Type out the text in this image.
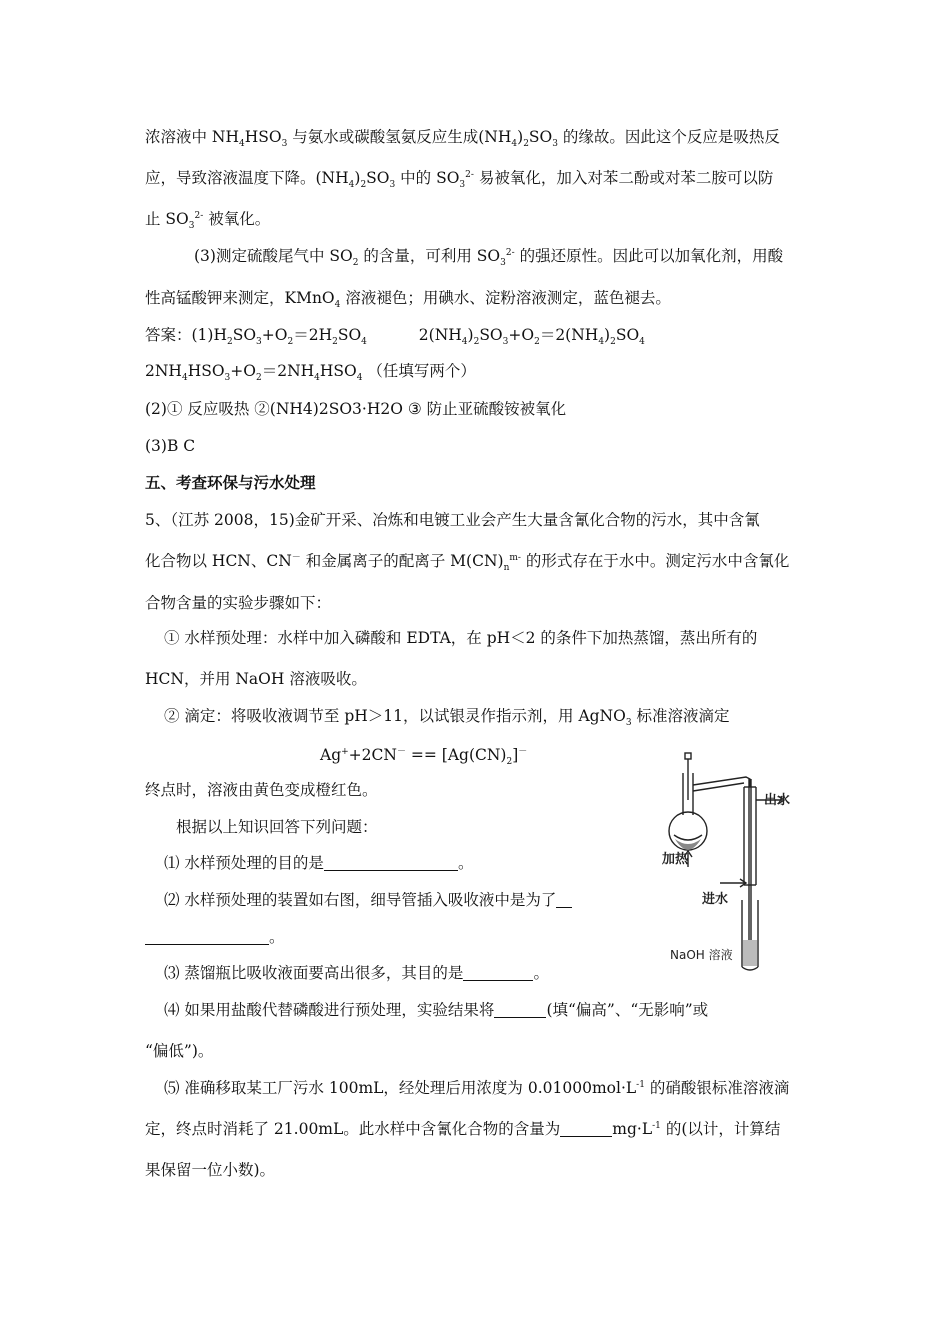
浓溶液中 $NH_4HSO_3$ 与氨水或碳酸氢氨反应生成$(NH_4)_2SO_3$ 的缘故。因此这个反应是吸热反
应，导致溶液温度下降。$(NH_4)_2SO_3$ 中的 $SO_3^{2-}$ 易被氧化，加入对苯二酚或对苯二胺可以防
止 $SO_3^{2-}$ 被氧化。
(3)测定硫酸尾气中 $SO_2$ 的含量，可利用 $SO_3^{2-}$ 的强还原性。因此可以加氧化剂，用酸
性高锰酸钾来测定，KMnO$_4$ 溶液褪色；用碘水、淀粉溶液测定，蓝色褪去。
答案：$(1)H_2SO_3+O_2=2H_2SO_4$	$2(NH_4)_2SO_3+O_2=2(NH_4)_2SO_4$
$2NH_4HSO_3+O_2=2NH_4HSO_4$ （任填写两个）
(2)① 反应吸热 ②(NH4)2SO3·H2O ③ 防止亚硫酸铵被氧化
(3)B C
五、考查环保与污水处理
5、（江苏 2008，15)金矿开采、冶炼和电镀工业会产生大量含氰化合物的污水，其中含氰
化合物以 HCN、CN－ 和金属离子的配离子 $M(CN)_n^{m-}$ 的形式存在于水中。测定污水中含氰化
合物含量的实验步骤如下：
① 水样预处理：水样中加入磷酸和 EDTA，在 pH＜2 的条件下加热蒸馏，蒸出所有的
HCN，并用 NaOH 溶液吸收。
② 滴定：将吸收液调节至 pH＞11，以试银灵作指示剂，用 AgNO$_3$ 标准溶液滴定
$Ag^++2CN^- == [Ag(CN)_2]^-$
终点时，溶液由黄色变成橙红色。
根据以上知识回答下列问题：
⑴ 水样预处理的目的是	。
⑵ 水样预处理的装置如右图，细导管插入吸收液中是为了
。
⑶ 蒸馏瓶比吸收液面要高出很多，其目的是	。
⑷ 如果用盐酸代替磷酸进行预处理，实验结果将	(填“偏高”、“无影响”或
“偏低”)。
⑸ 准确移取某工厂污水 100mL，经处理后用浓度为 $0.01000mol\cdot L^{-1}$ 的硝酸银标准溶液滴
定，终点时消耗了 21.00mL。此水样中含氰化合物的含量为	$mg\cdot L^{-1}$ 的(以计，计算结
果保留一位小数)。
出水
加热
进水
NaOH 溶液
